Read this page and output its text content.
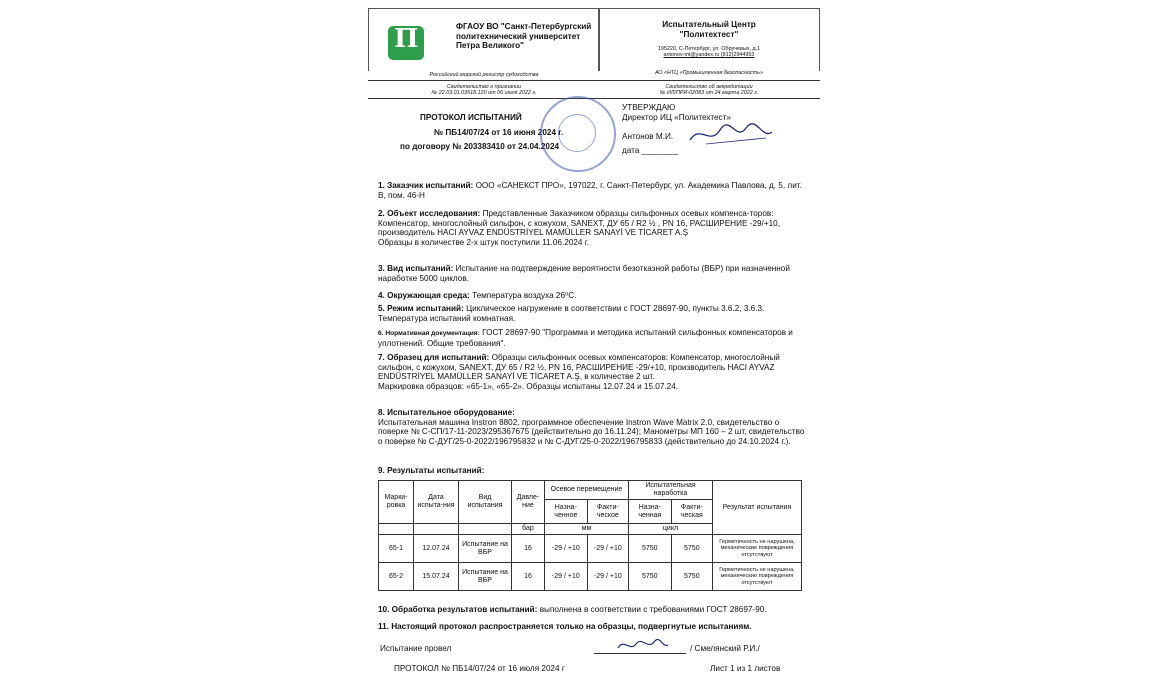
П	ФГАОУ ВО "Санкт-Петербургский
политехнический университет
Петра Великого"
Российский морской регистр судоходства
Свидетельство о признании
№ 22.03.01.03518.120 от 06 июля 2022 г.
Испытательный Центр
"Политехтест"
195220, С-Петербург, ул. Обручевых, д.1
antonov-mi@yandex.ru (812)2944953
АО «НТЦ «Промышленная безопасность»
Свидетельство об аккредитации
№ ИЛ/ПРИ-02083 от 24 марта 2022 г.
ПРОТОКОЛ ИСПЫТАНИЙ
№ ПБ14/07/24 от 16 июня 2024 г.
по договору № 203383410 от 24.04.2024
УТВЕРЖДАЮ
Директор ИЦ «Политехтест»
Антонов М.И.
дата ________
1. Заказчик испытаний: ООО «САНЕКСТ ПРО», 197022, г. Санкт-Петербург, ул. Академика Павлова, д. 5, лит. В, пом. 46-Н
2. Объект исследования: Представленные Заказчиком образцы сильфонных осевых компенса-торов: Компенсатор, многослойный сильфон, с кожухом, SANEXT, ДУ 65 / R2 ½ , PN 16, РАСШИРЕНИЕ -29/+10, производитель HACI AYVAZ ENDÜSTRİYEL MAMÜLLER SANAYİ VE TİCARET A.Ş
Образцы в количестве 2-х штук поступили 11.06.2024 г.
3. Вид испытаний: Испытание на подтверждение вероятности безотказной работы (ВБР) при назначенной наработке 5000 циклов.
4. Окружающая среда: Температура воздуха 26⁰С.
5. Режим испытаний: Циклическое нагружение в соответствии с ГОСТ 28697-90, пункты 3.6.2, 3.6.3. Температура испытаний комнатная.
6. Нормативная документация: ГОСТ 28697-90 "Программа и методика испытаний сильфонных компенсаторов и уплотнений. Общие требования".
7. Образец для испытаний: Образцы сильфонных осевых компенсаторов: Компенсатор, многослойный сильфон, с кожухом, SANEXT, ДУ 65 / R2 ½, PN 16, РАСШИРЕНИЕ -29/+10, производитель HACI AYVAZ ENDÜSTRİYEL MAMÜLLER SANAYİ VE TİCARET A.Ş, в количестве 2 шт.
Маркировка образцов: «65-1», «65-2». Образцы испытаны 12.07.24 и 15.07.24.
8. Испытательное оборудование:
Испытательная машина Instron 8802, программное обеспечение Instron Wave Matrix 2.0, свидетельство о поверке № С-СП/17-11-2023/295367675 (действительно до 16.11.24); Манометры МП 160 – 2 шт, свидетельство о поверке № С-ДУГ/25-0-2022/196795832 и № С-ДУГ/25-0-2022/196795833 (действительно до 24.10.2024 г.).
9. Результаты испытаний:
Марки-ровка	Дата испыта-ния	Вид испытания	Давле-ние	Осевое перемещение		Испытательная наработка		Результат испытания
				Назна-ченное	Факти-ческое	Назна-ченная	Факти-ческая	
			бар	мм		цикл		
65-1	12.07.24	Испытание на ВБР	16	-29 / +10	-29 / +10	5750	5750	Герметичность не нарушена, механические повреждения отсутствуют
65-2	15.07.24	Испытание на ВБР	16	-29 / +10	-29 / +10	5750	5750	Герметичность не нарушена, механические повреждения отсутствуют
10. Обработка результатов испытаний: выполнена в соответствии с требованиями ГОСТ 28697-90.
11. Настоящий протокол распространяется только на образцы, подвергнутые испытаниям.
Испытание провел	/ Смелянский Р.И./
ПРОТОКОЛ № ПБ14/07/24 от 16 июля 2024 г	Лист 1 из 1 листов
